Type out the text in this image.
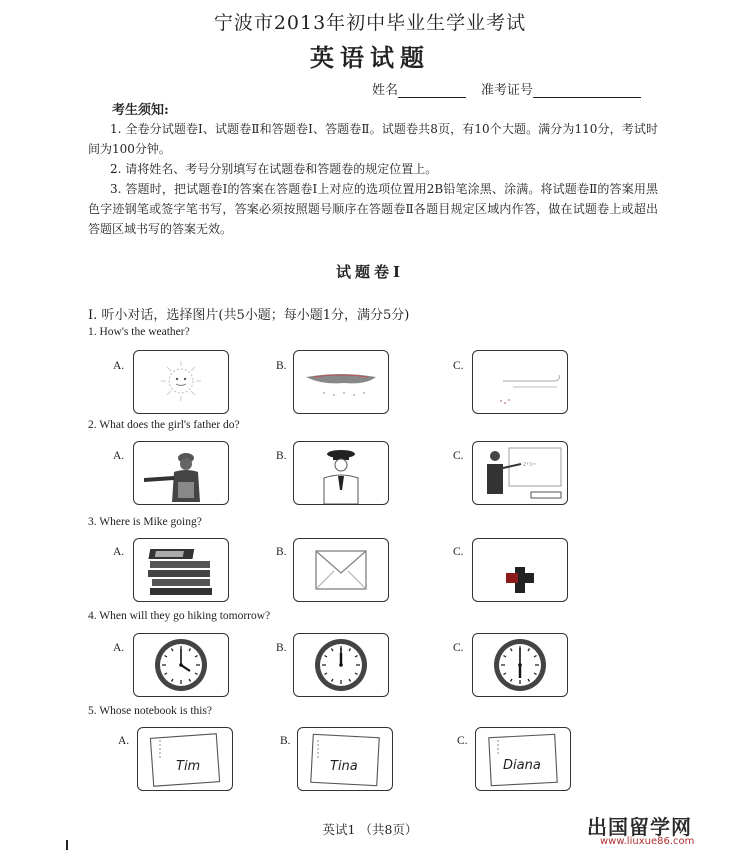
宁波市2013年初中毕业生学业考试
英语试题
姓名	准考证号
考生须知:
1. 全卷分试题卷Ⅰ、试题卷Ⅱ和答题卷Ⅰ、答题卷Ⅱ。试题卷共8页，有10个大题。满分为110分，考试时间为100分钟。
2. 请将姓名、考号分别填写在试题卷和答题卷的规定位置上。
3. 答题时，把试题卷Ⅰ的答案在答题卷Ⅰ上对应的选项位置用2B铅笔涂黑、涂满。将试题卷Ⅱ的答案用黑色字迹钢笔或签字笔书写，答案必须按照题号顺序在答题卷Ⅱ各题目规定区域内作答，做在试题卷上或超出答题区域书写的答案无效。
试题卷Ⅰ
Ⅰ. 听小对话，选择图片(共5小题；每小题1分，满分5分)
1. How's the weather?
A.	B.	C.
2. What does the girl's father do?
A.	B.	C.
2+1=
3. Where is Mike going?
A.	B.	C.
4. When will they go hiking tomorrow?
A.	B.	C.
5. Whose notebook is this?
A.
Tim
B.
Tina
C.
Diana
英试1 （共8页）	出国留学网
www.liuxue86.com
